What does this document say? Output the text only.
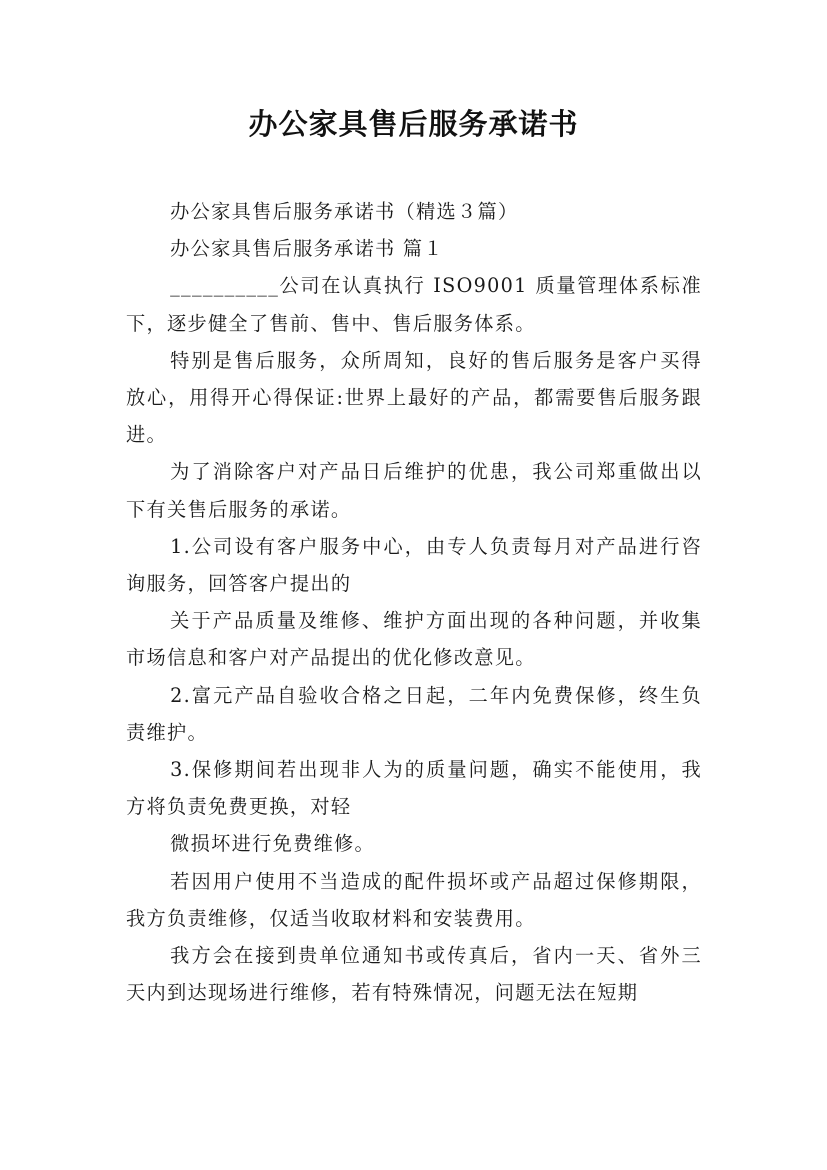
办公家具售后服务承诺书

办公家具售后服务承诺书（精选３篇）

办公家具售后服务承诺书 篇１

__________公司在认真执行 ISO9001 质量管理体系标准下，逐步健全了售前、售中、售后服务体系。

特别是售后服务，众所周知，良好的售后服务是客户买得放心，用得开心得保证:世界上最好的产品，都需要售后服务跟进。

为了消除客户对产品日后维护的优患，我公司郑重做出以下有关售后服务的承诺。

1.公司设有客户服务中心，由专人负责每月对产品进行咨询服务，回答客户提出的

关于产品质量及维修、维护方面出现的各种问题，并收集市场信息和客户对产品提出的优化修改意见。

2.富元产品自验收合格之日起，二年内免费保修，终生负责维护。

3.保修期间若出现非人为的质量问题，确实不能使用，我方将负责免费更换，对轻

微损坏进行免费维修。

若因用户使用不当造成的配件损坏或产品超过保修期限，我方负责维修，仅适当收取材料和安装费用。

我方会在接到贵单位通知书或传真后，省内一天、省外三天内到达现场进行维修，若有特殊情况，问题无法在短期
